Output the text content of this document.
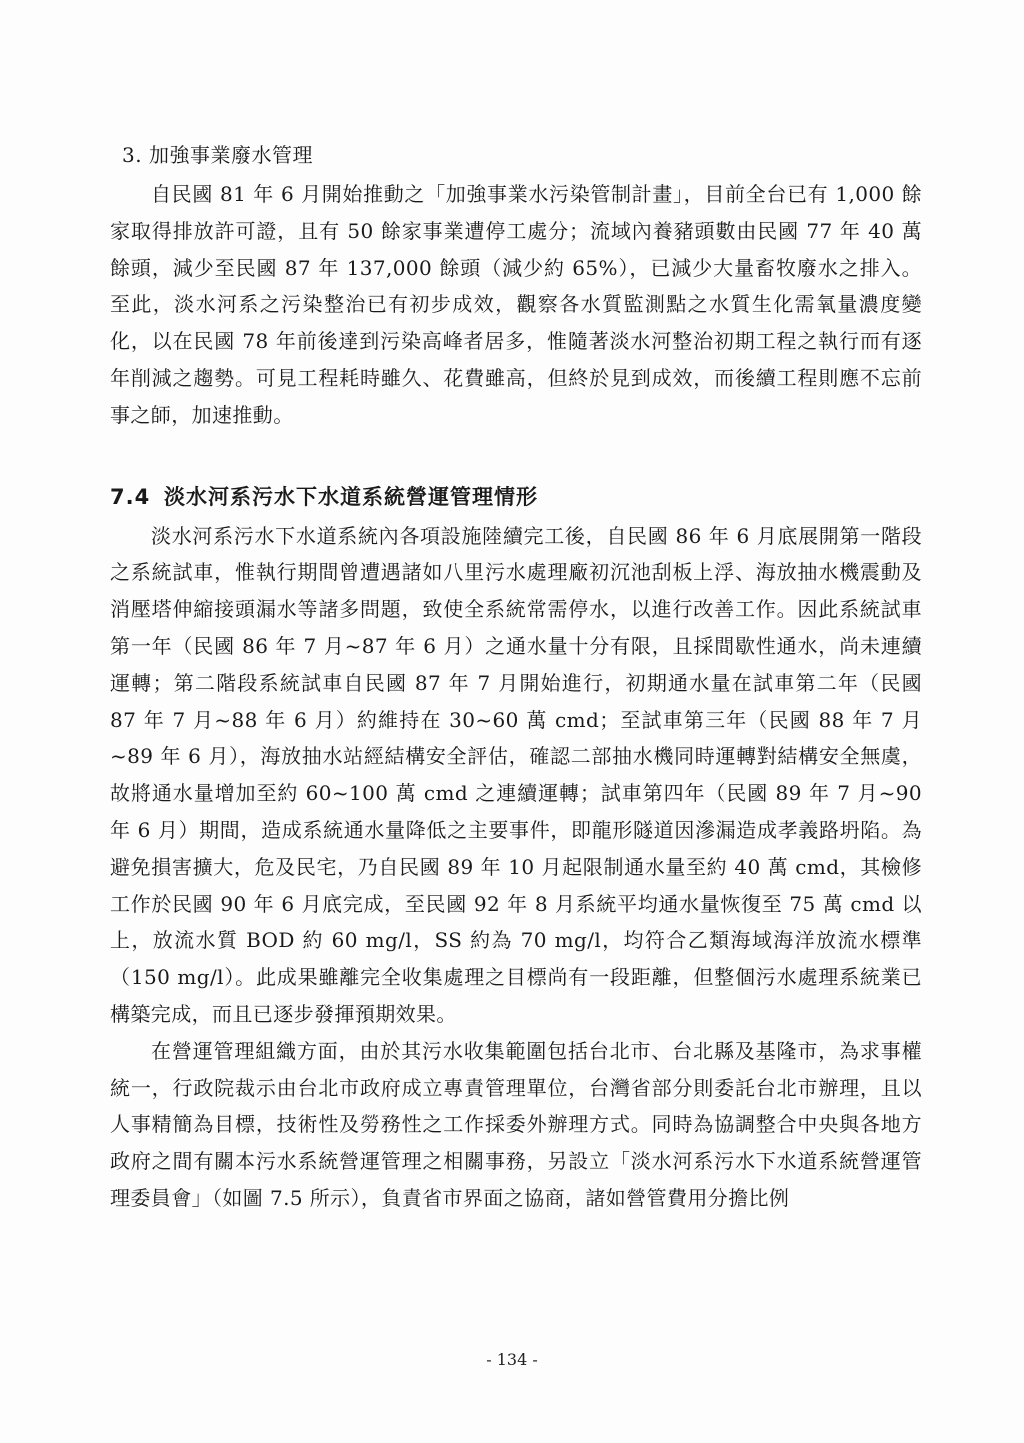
3. 加強事業廢水管理

自民國 81 年 6 月開始推動之「加強事業水污染管制計畫」，目前全台已有 1,000 餘家取得排放許可證，且有 50 餘家事業遭停工處分；流域內養豬頭數由民國 77 年 40 萬餘頭，減少至民國 87 年 137,000 餘頭（減少約 65%），已減少大量畜牧廢水之排入。至此，淡水河系之污染整治已有初步成效，觀察各水質監測點之水質生化需氧量濃度變化，以在民國 78 年前後達到污染高峰者居多，惟隨著淡水河整治初期工程之執行而有逐年削減之趨勢。可見工程耗時雖久、花費雖高，但終於見到成效，而後續工程則應不忘前事之師，加速推動。

7.4 淡水河系污水下水道系統營運管理情形

淡水河系污水下水道系統內各項設施陸續完工後，自民國 86 年 6 月底展開第一階段之系統試車，惟執行期間曾遭遇諸如八里污水處理廠初沉池刮板上浮、海放抽水機震動及消壓塔伸縮接頭漏水等諸多問題，致使全系統常需停水，以進行改善工作。因此系統試車第一年（民國 86 年 7 月~87 年 6 月）之通水量十分有限，且採間歇性通水，尚未連續運轉；第二階段系統試車自民國 87 年 7 月開始進行，初期通水量在試車第二年（民國 87 年 7 月~88 年 6 月）約維持在 30~60 萬 cmd；至試車第三年（民國 88 年 7 月~89 年 6 月），海放抽水站經結構安全評估，確認二部抽水機同時運轉對結構安全無虞，故將通水量增加至約 60~100 萬 cmd 之連續運轉；試車第四年（民國 89 年 7 月~90 年 6 月）期間，造成系統通水量降低之主要事件，即龍形隧道因滲漏造成孝義路坍陷。為避免損害擴大，危及民宅，乃自民國 89 年 10 月起限制通水量至約 40 萬 cmd，其檢修工作於民國 90 年 6 月底完成，至民國 92 年 8 月系統平均通水量恢復至 75 萬 cmd 以上，放流水質 BOD 約 60 mg/l，SS 約為 70 mg/l，均符合乙類海域海洋放流水標準（150 mg/l）。此成果雖離完全收集處理之目標尚有一段距離，但整個污水處理系統業已構築完成，而且已逐步發揮預期效果。

在營運管理組織方面，由於其污水收集範圍包括台北市、台北縣及基隆市，為求事權統一，行政院裁示由台北市政府成立專責管理單位，台灣省部分則委託台北市辦理，且以人事精簡為目標，技術性及勞務性之工作採委外辦理方式。同時為協調整合中央與各地方政府之間有關本污水系統營運管理之相關事務，另設立「淡水河系污水下水道系統營運管理委員會」（如圖 7.5 所示），負責省市界面之協商，諸如營管費用分擔比例

- 134 -
